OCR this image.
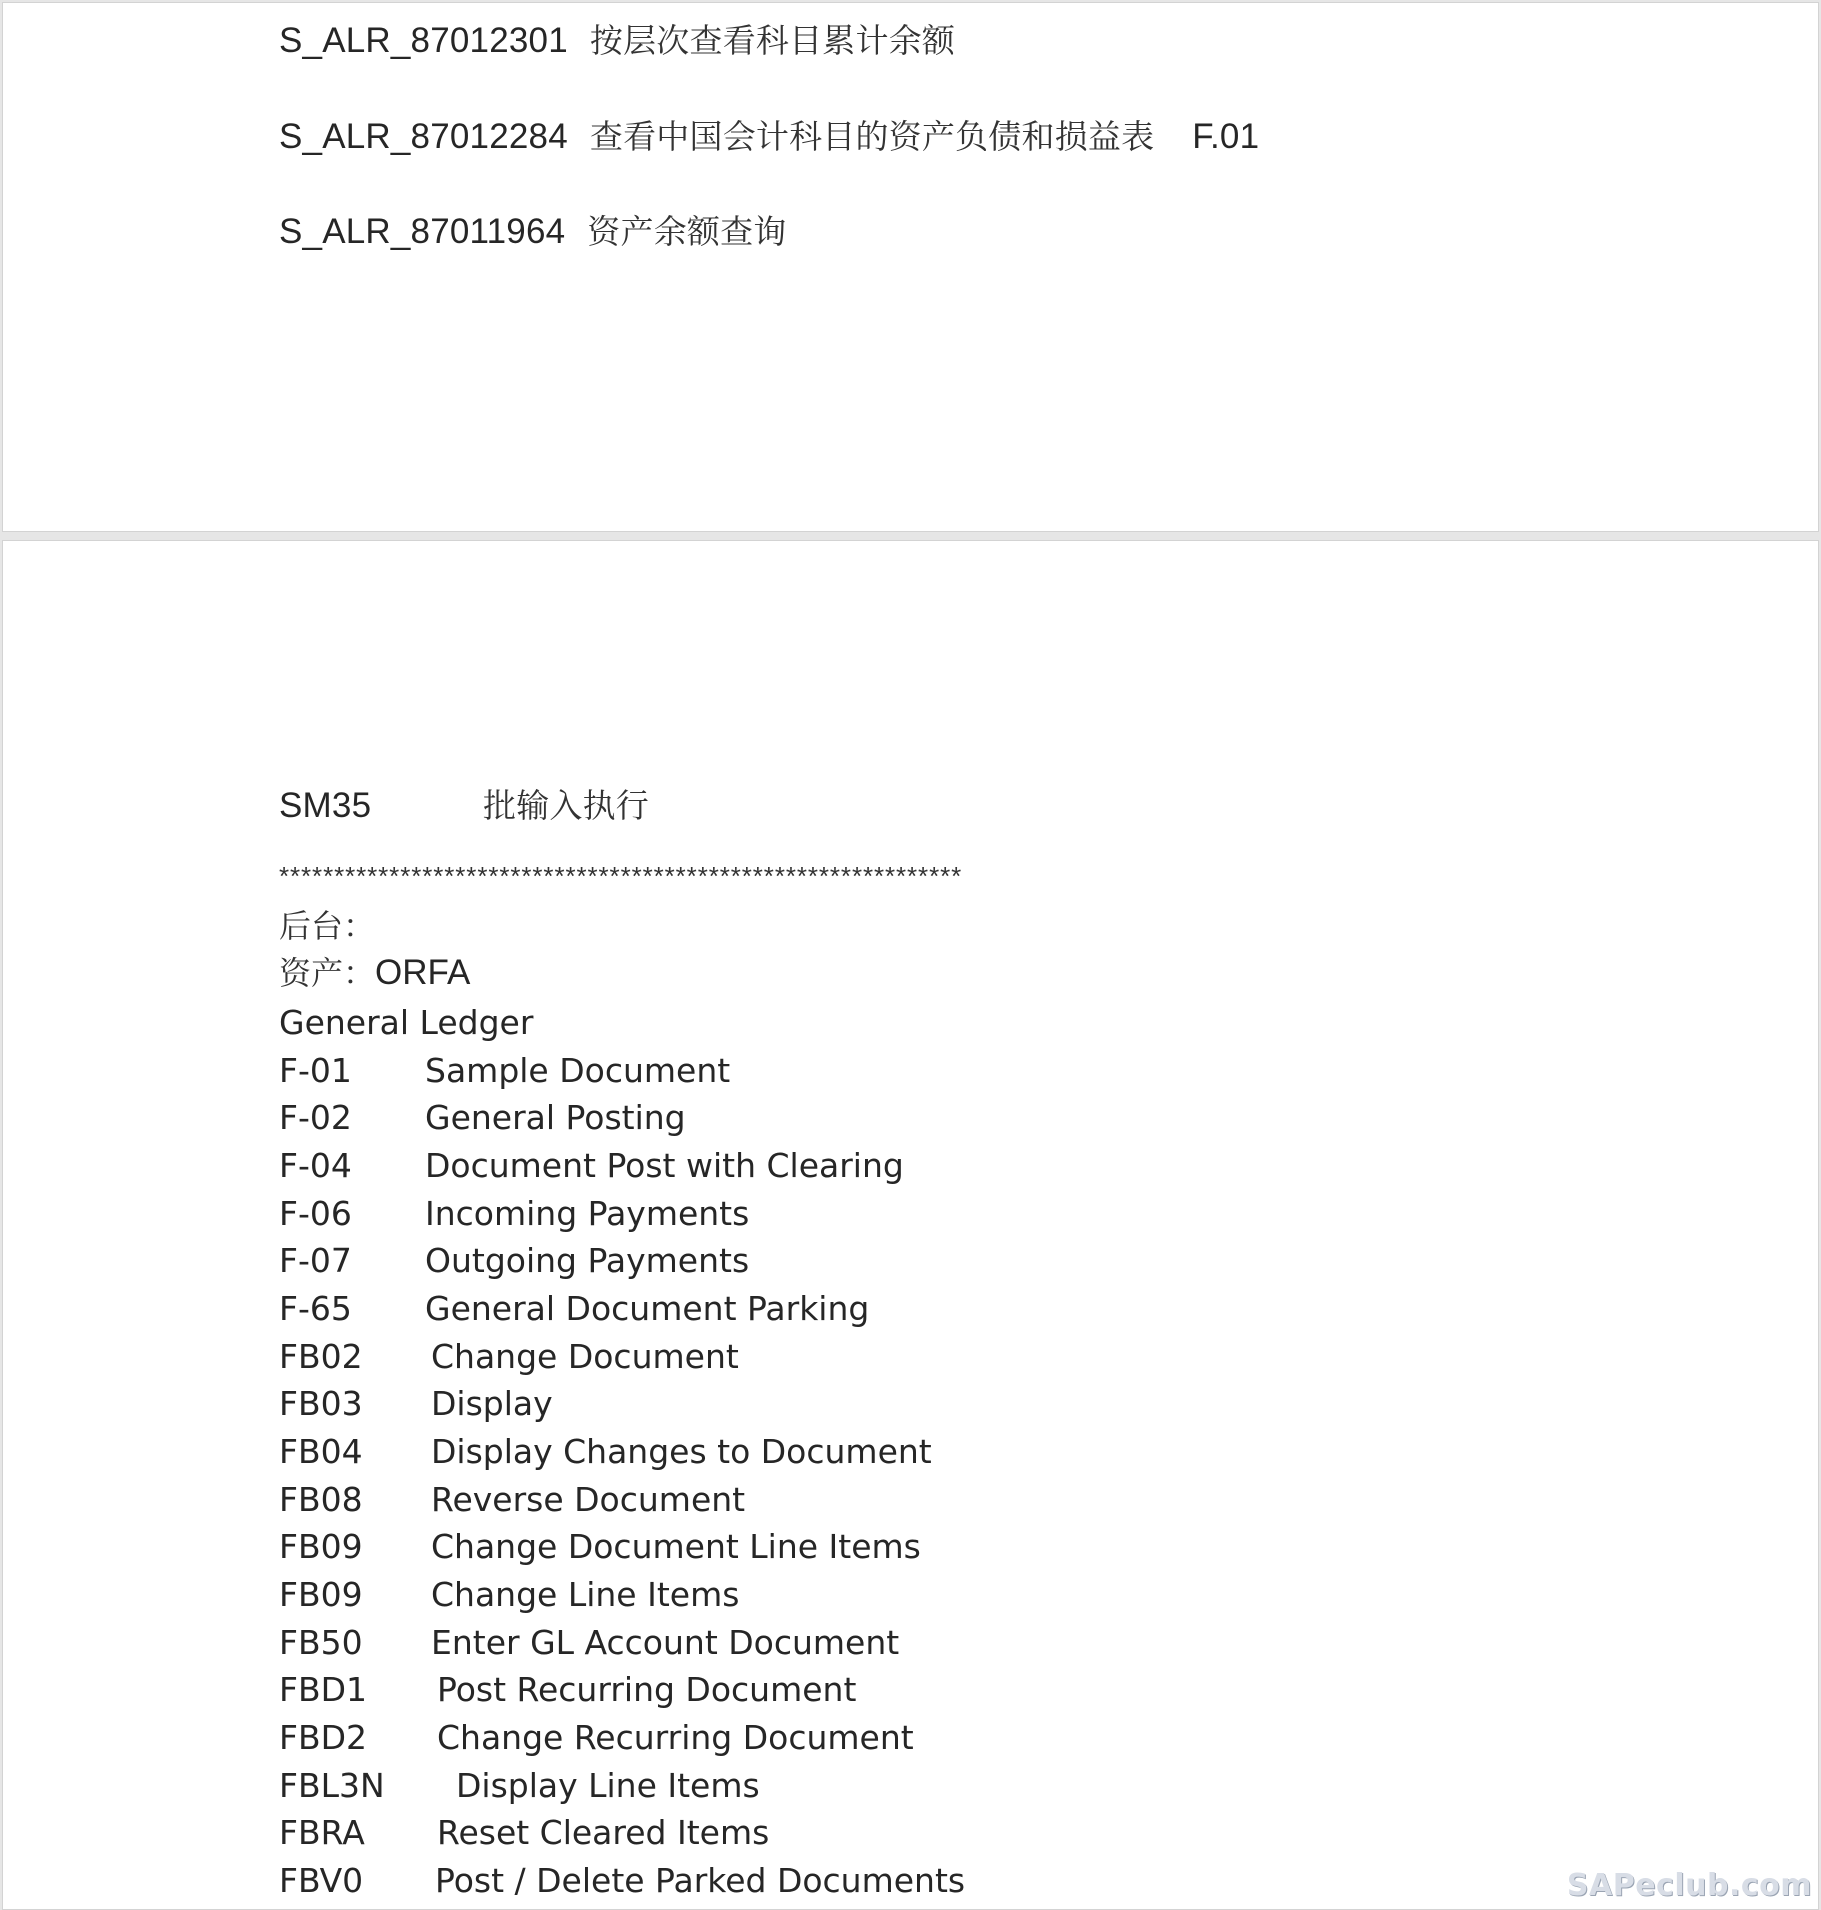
S_ALR_87012301 按层次查看科目累计余额
S_ALR_87012284 查看中国会计科目的资产负债和损益表 F.01
S_ALR_87011964 资产余额查询
SM35	批输入执行
**************************************************************
后台：
资产：ORFA
General Ledger
F-01 Sample Document
F-02 General Posting
F-04 Document Post with Clearing
F-06 Incoming Payments
F-07 Outgoing Payments
F-65 General Document Parking
FB02 Change Document
FB03 Display
FB04 Display Changes to Document
FB08 Reverse Document
FB09 Change Document Line Items
FB09 Change Line Items
FB50 Enter GL Account Document
FBD1 Post Recurring Document
FBD2 Change Recurring Document
FBL3N Display Line Items
FBRA Reset Cleared Items
FBV0 Post / Delete Parked Documents	SAPeclub.com
